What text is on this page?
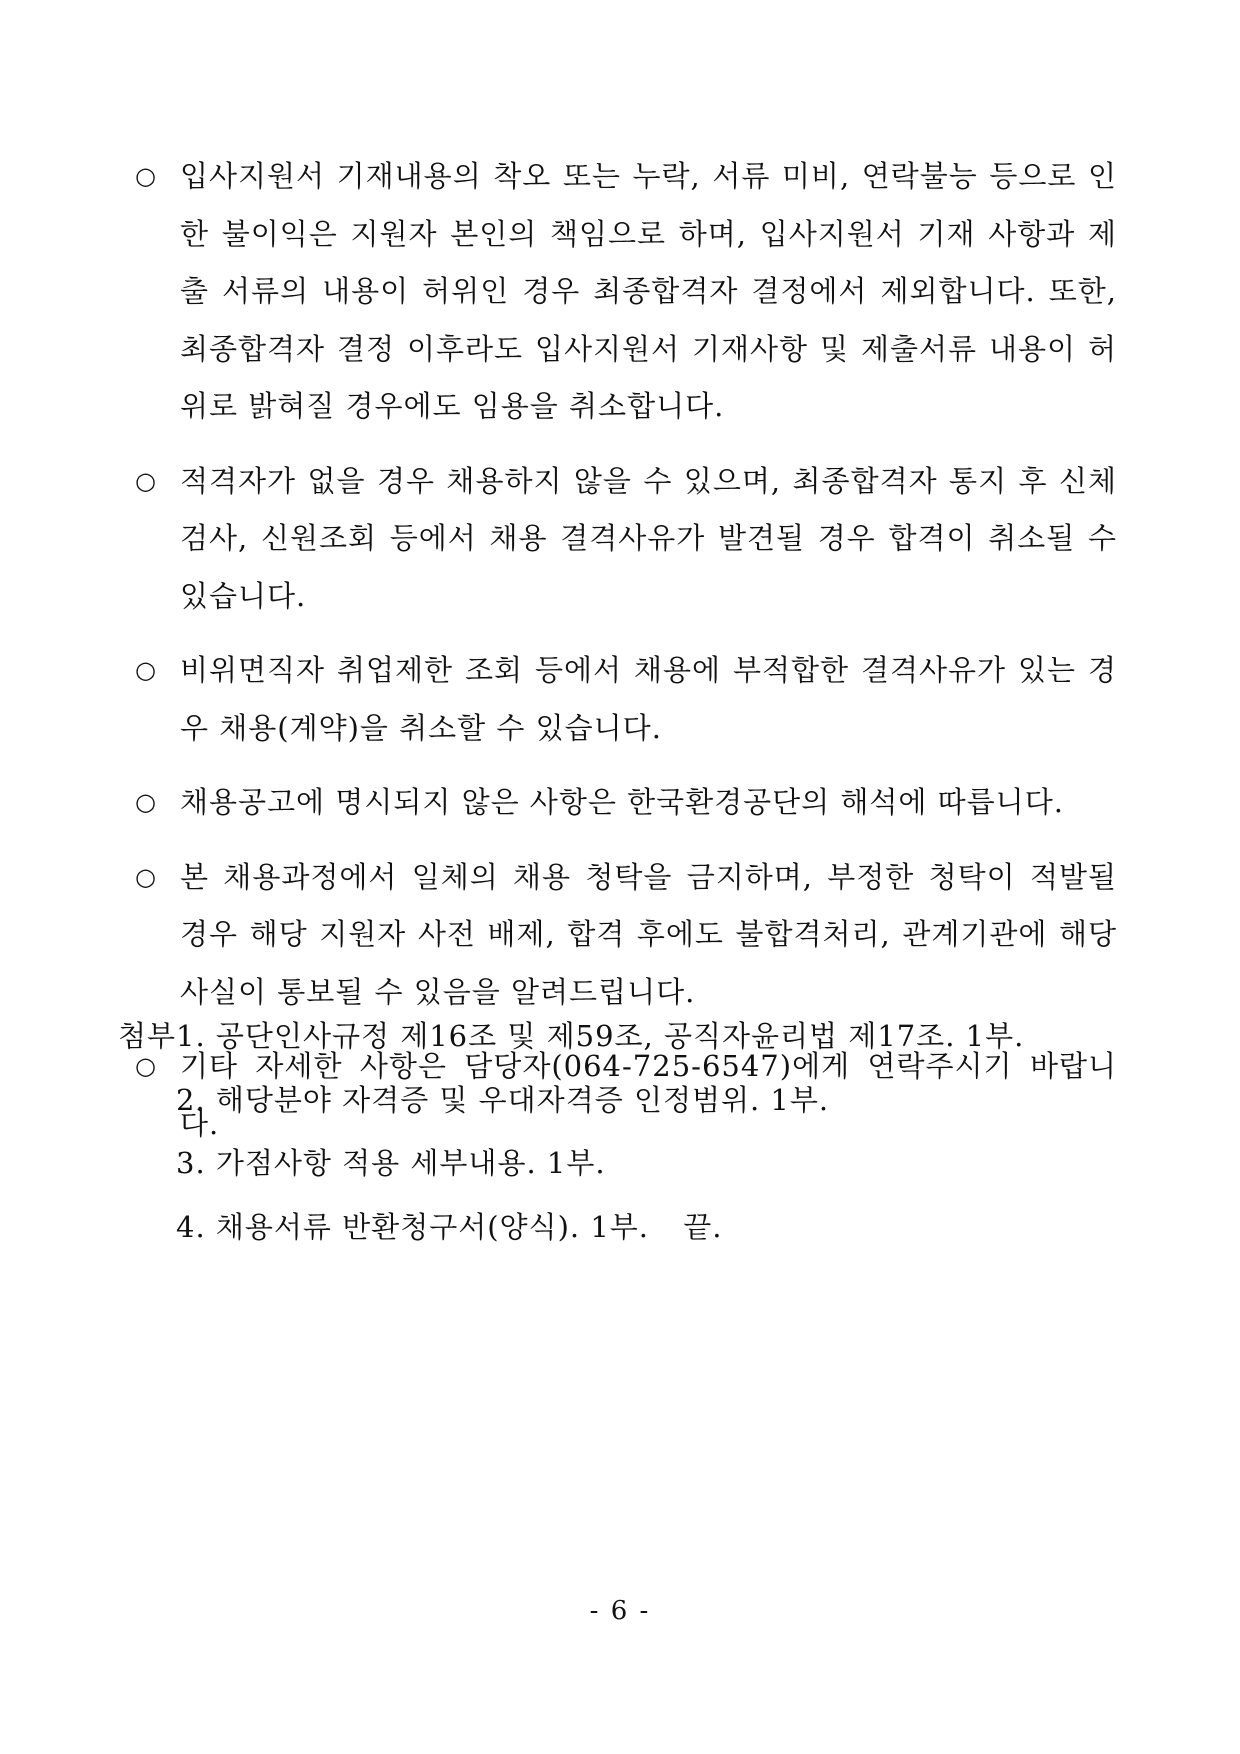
○ 입사지원서 기재내용의 착오 또는 누락, 서류 미비, 연락불능 등으로 인한 불이익은 지원자 본인의 책임으로 하며, 입사지원서 기재 사항과 제출 서류의 내용이 허위인 경우 최종합격자 결정에서 제외합니다. 또한, 최종합격자 결정 이후라도 입사지원서 기재사항 및 제출서류 내용이 허위로 밝혀질 경우에도 임용을 취소합니다.
○ 적격자가 없을 경우 채용하지 않을 수 있으며, 최종합격자 통지 후 신체 검사, 신원조회 등에서 채용 결격사유가 발견될 경우 합격이 취소될 수 있습니다.
○ 비위면직자 취업제한 조회 등에서 채용에 부적합한 결격사유가 있는 경우 채용(계약)을 취소할 수 있습니다.
○ 채용공고에 명시되지 않은 사항은 한국환경공단의 해석에 따릅니다.
○ 본 채용과정에서 일체의 채용 청탁을 금지하며, 부정한 청탁이 적발될 경우 해당 지원자 사전 배제, 합격 후에도 불합격처리, 관계기관에 해당 사실이 통보될 수 있음을 알려드립니다.
○ 기타 자세한 사항은 담당자(064-725-6547)에게 연락주시기 바랍니다.
첨부1. 공단인사규정 제16조 및 제59조, 공직자윤리법 제17조. 1부.
2. 해당분야 자격증 및 우대자격증 인정범위. 1부.
3. 가점사항 적용 세부내용. 1부.
4. 채용서류 반환청구서(양식). 1부. 끝.
- 6 -
